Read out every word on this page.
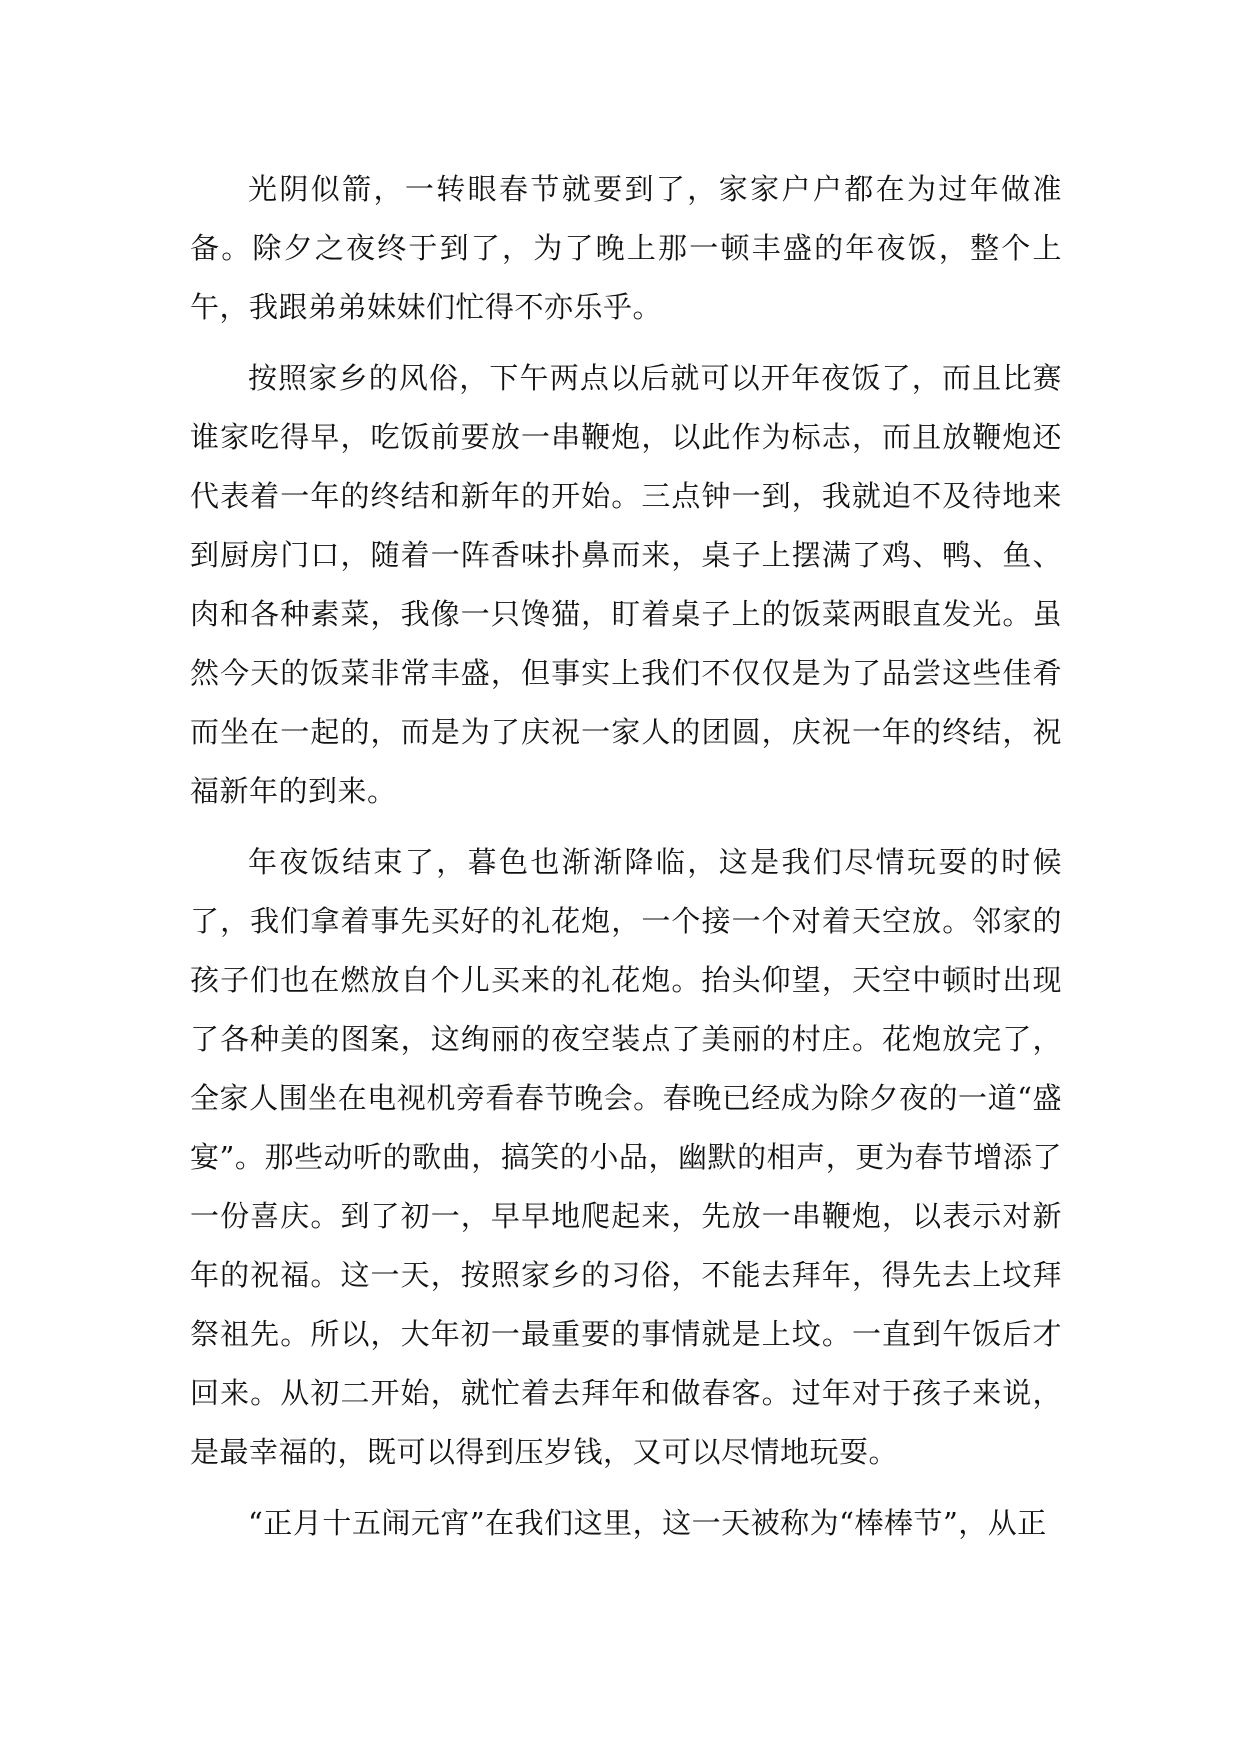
光阴似箭，一转眼春节就要到了，家家户户都在为过年做准备。除夕之夜终于到了，为了晚上那一顿丰盛的年夜饭，整个上午，我跟弟弟妹妹们忙得不亦乐乎。

按照家乡的风俗，下午两点以后就可以开年夜饭了，而且比赛谁家吃得早，吃饭前要放一串鞭炮，以此作为标志，而且放鞭炮还代表着一年的终结和新年的开始。三点钟一到，我就迫不及待地来到厨房门口，随着一阵香味扑鼻而来，桌子上摆满了鸡、鸭、鱼、肉和各种素菜，我像一只馋猫，盯着桌子上的饭菜两眼直发光。虽然今天的饭菜非常丰盛，但事实上我们不仅仅是为了品尝这些佳肴而坐在一起的，而是为了庆祝一家人的团圆，庆祝一年的终结，祝福新年的到来。

年夜饭结束了，暮色也渐渐降临，这是我们尽情玩耍的时候了，我们拿着事先买好的礼花炮，一个接一个对着天空放。邻家的孩子们也在燃放自个儿买来的礼花炮。抬头仰望，天空中顿时出现了各种美的图案，这绚丽的夜空装点了美丽的村庄。花炮放完了，全家人围坐在电视机旁看春节晚会。春晚已经成为除夕夜的一道“盛宴”。那些动听的歌曲，搞笑的小品，幽默的相声，更为春节增添了一份喜庆。到了初一，早早地爬起来，先放一串鞭炮，以表示对新年的祝福。这一天，按照家乡的习俗，不能去拜年，得先去上坟拜祭祖先。所以，大年初一最重要的事情就是上坟。一直到午饭后才回来。从初二开始，就忙着去拜年和做春客。过年对于孩子来说，是最幸福的，既可以得到压岁钱，又可以尽情地玩耍。

“正月十五闹元宵”在我们这里，这一天被称为“棒棒节”，从正
